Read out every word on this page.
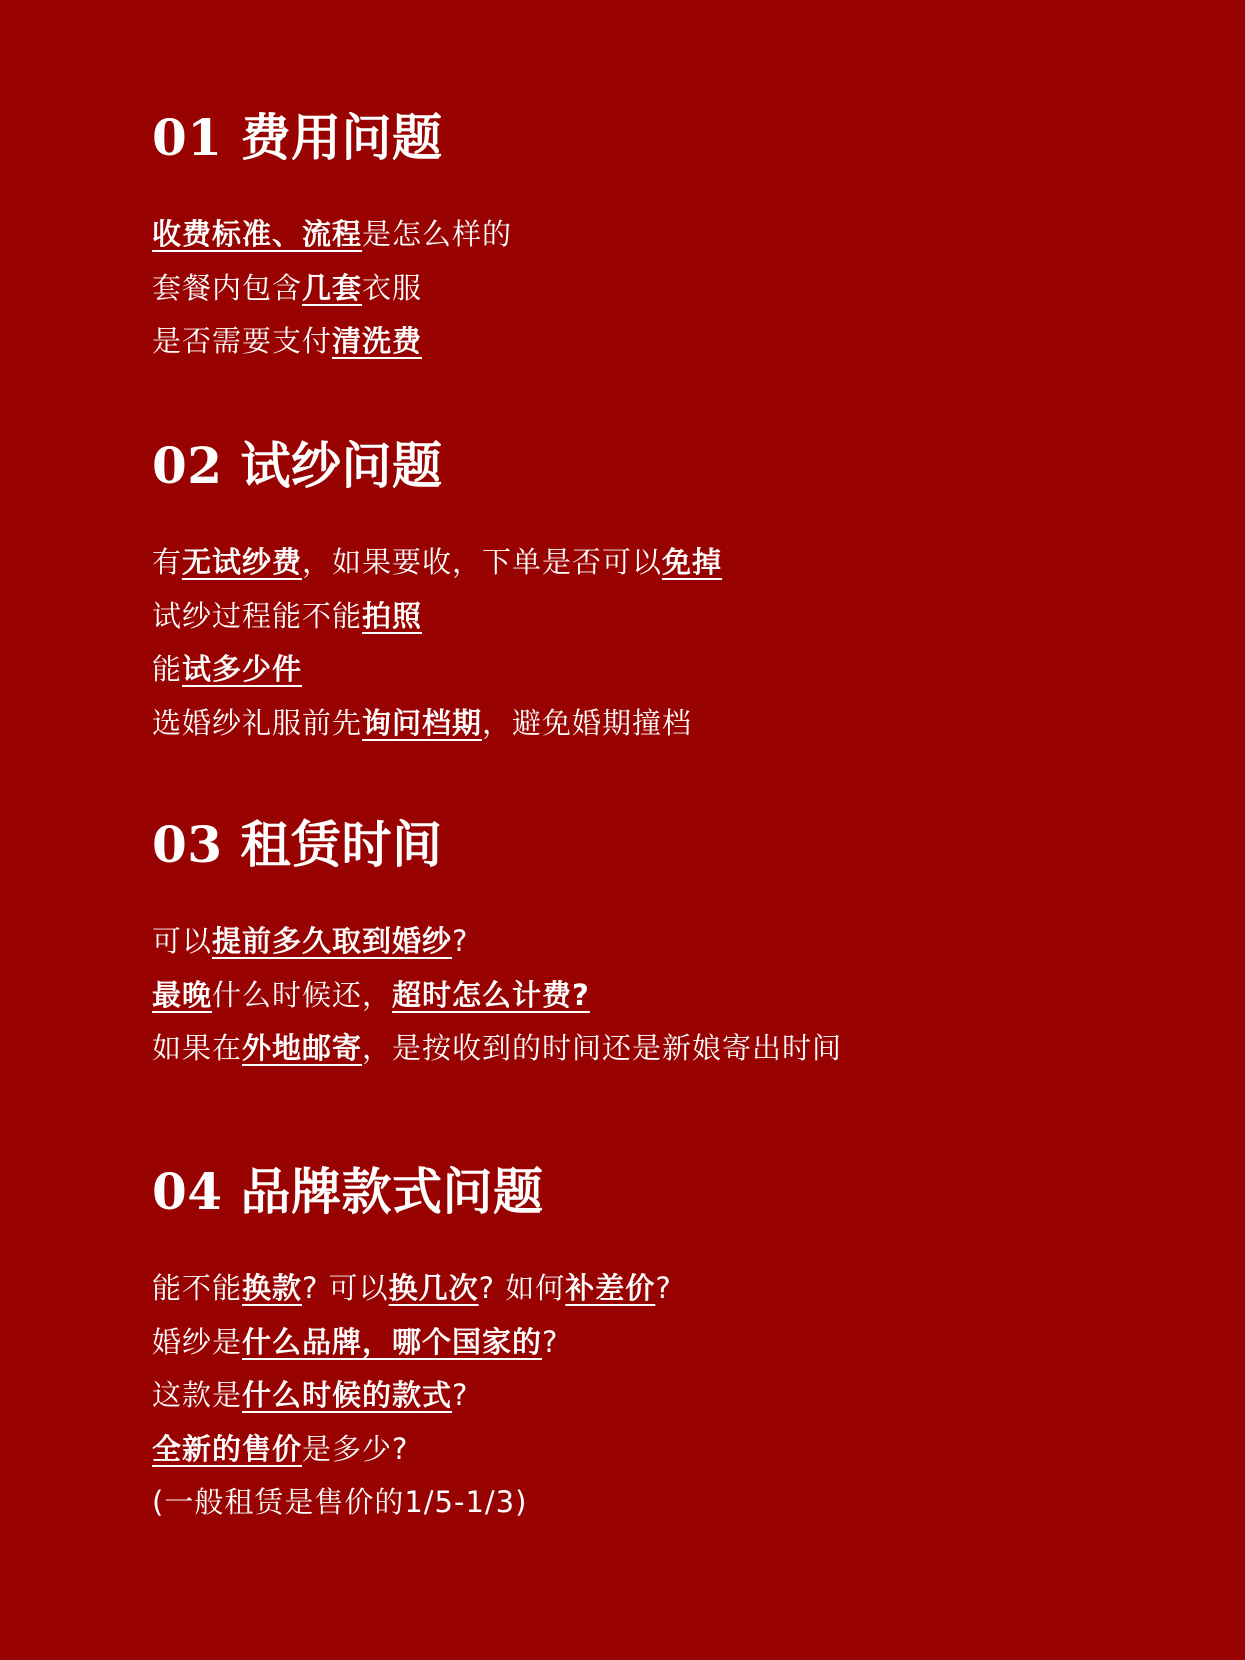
01 费用问题
收费标准、流程是怎么样的
套餐内包含几套衣服
是否需要支付清洗费
02 试纱问题
有无试纱费，如果要收，下单是否可以免掉
试纱过程能不能拍照
能试多少件
选婚纱礼服前先询问档期，避免婚期撞档
03 租赁时间
可以提前多久取到婚纱?
最晚什么时候还，超时怎么计费?
如果在外地邮寄，是按收到的时间还是新娘寄出时间
04 品牌款式问题
能不能换款? 可以换几次? 如何补差价?
婚纱是什么品牌，哪个国家的?
这款是什么时候的款式?
全新的售价是多少?
(一般租赁是售价的1/5-1/3)
